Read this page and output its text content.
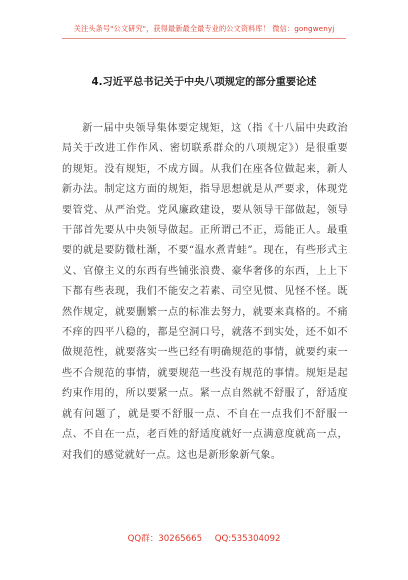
关注头条号"公文研究"，获得最新最全最专业的公文资料库！ 微信：gongwenyj
4.习近平总书记关于中央八项规定的部分重要论述

新一届中央领导集体要定规矩，这（指《十八届中央政治局关于改进工作作风、密切联系群众的八项规定》）是很重要的规矩。没有规矩，不成方圆。从我们在座各位做起来，新人新办法。制定这方面的规矩，指导思想就是从严要求，体现党要管党、从严治党。党风廉政建设，要从领导干部做起，领导干部首先要从中央领导做起。正所谓己不正，焉能正人。最重要的就是要防微杜渐，不要“温水煮青蛙”。现在，有些形式主义、官僚主义的东西有些铺张浪费、豪华奢侈的东西，上上下下都有些表现，我们不能安之若素、司空见惯、见怪不怪。既然作规定，就要删繁一点的标准去努力，就要来真格的。不痛不痒的四平八稳的，都是空洞口号，就落不到实处，还不如不做规范性，就要落实一些已经有明确规范的事情，就要约束一些不合规范的事情，就要规范一些没有规范的事情。规矩是起约束作用的，所以要紧一点。紧一点自然就不舒服了，舒适度就有问题了，就是要不舒服一点、不自在一点我们不舒服一点、不自在一点，老百姓的舒适度就好一点满意度就高一点，对我们的感觉就好一点。这也是新形象新气象。

QQ群：30265665 QQ:535304092
